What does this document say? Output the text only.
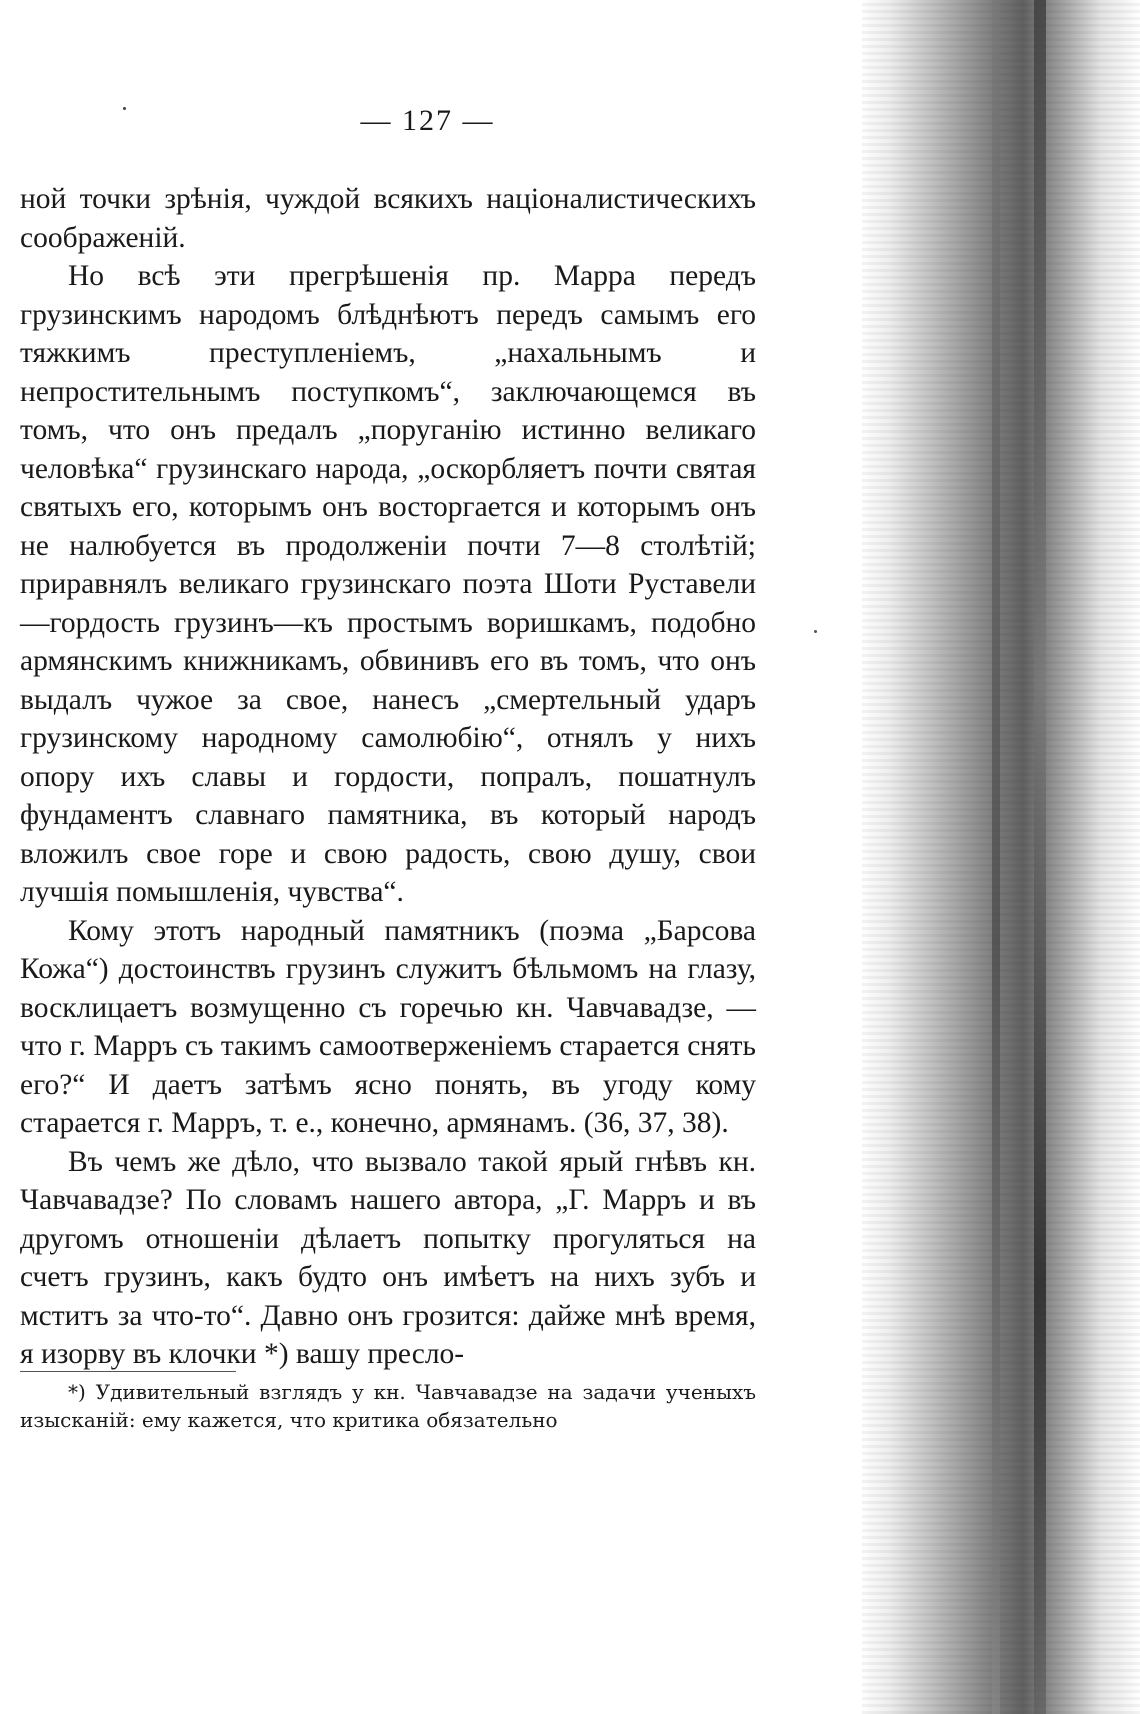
— 127 —

ной точки зрѣнія, чуждой всякихъ націоналистическихъ соображеній.

Но всѣ эти прегрѣшенія пр. Марра передъ грузинскимъ народомъ блѣднѣютъ передъ самымъ его тяжкимъ преступленіемъ, „нахальнымъ и непростительнымъ поступкомъ“, заключающемся въ томъ, что онъ предалъ „поруганію истинно великаго человѣка“ грузинскаго народа, „оскорбляетъ почти святая святыхъ его, которымъ онъ восторгается и которымъ онъ не налюбуется въ продолженіи почти 7—8 столѣтій; приравнялъ великаго грузинскаго поэта Шоти Руставели—гордость грузинъ—къ простымъ воришкамъ, подобно армянскимъ книжникамъ, обвинивъ его въ томъ, что онъ выдалъ чужое за свое, нанесъ „смертельный ударъ грузинскому народному самолюбію“, отнялъ у нихъ опору ихъ славы и гордости, попралъ, пошатнулъ фундаментъ славнаго памятника, въ который народъ вложилъ свое горе и свою радость, свою душу, свои лучшія помышленія, чувства“.

Кому этотъ народный памятникъ (поэма „Барсова Кожа“) достоинствъ грузинъ служитъ бѣльмомъ на глазу, восклицаетъ возмущенно съ горечью кн. Чавчавадзе, — что г. Марръ съ такимъ самоотверженіемъ старается снять его?“ И даетъ затѣмъ ясно понять, въ угоду кому старается г. Марръ, т. е., конечно, армянамъ. (36, 37, 38).

Въ чемъ же дѣло, что вызвало такой ярый гнѣвъ кн. Чавчавадзе? По словамъ нашего автора, „Г. Марръ и въ другомъ отношеніи дѣлаетъ попытку прогуляться на счетъ грузинъ, какъ будто онъ имѣетъ на нихъ зубъ и мститъ за что-то“. Давно онъ грозится: дайже мнѣ время, я изорву въ клочки *) вашу пресло-

*) Удивительный взглядъ у кн. Чавчавадзе на задачи ученыхъ изысканій: ему кажется, что критика обязательно
